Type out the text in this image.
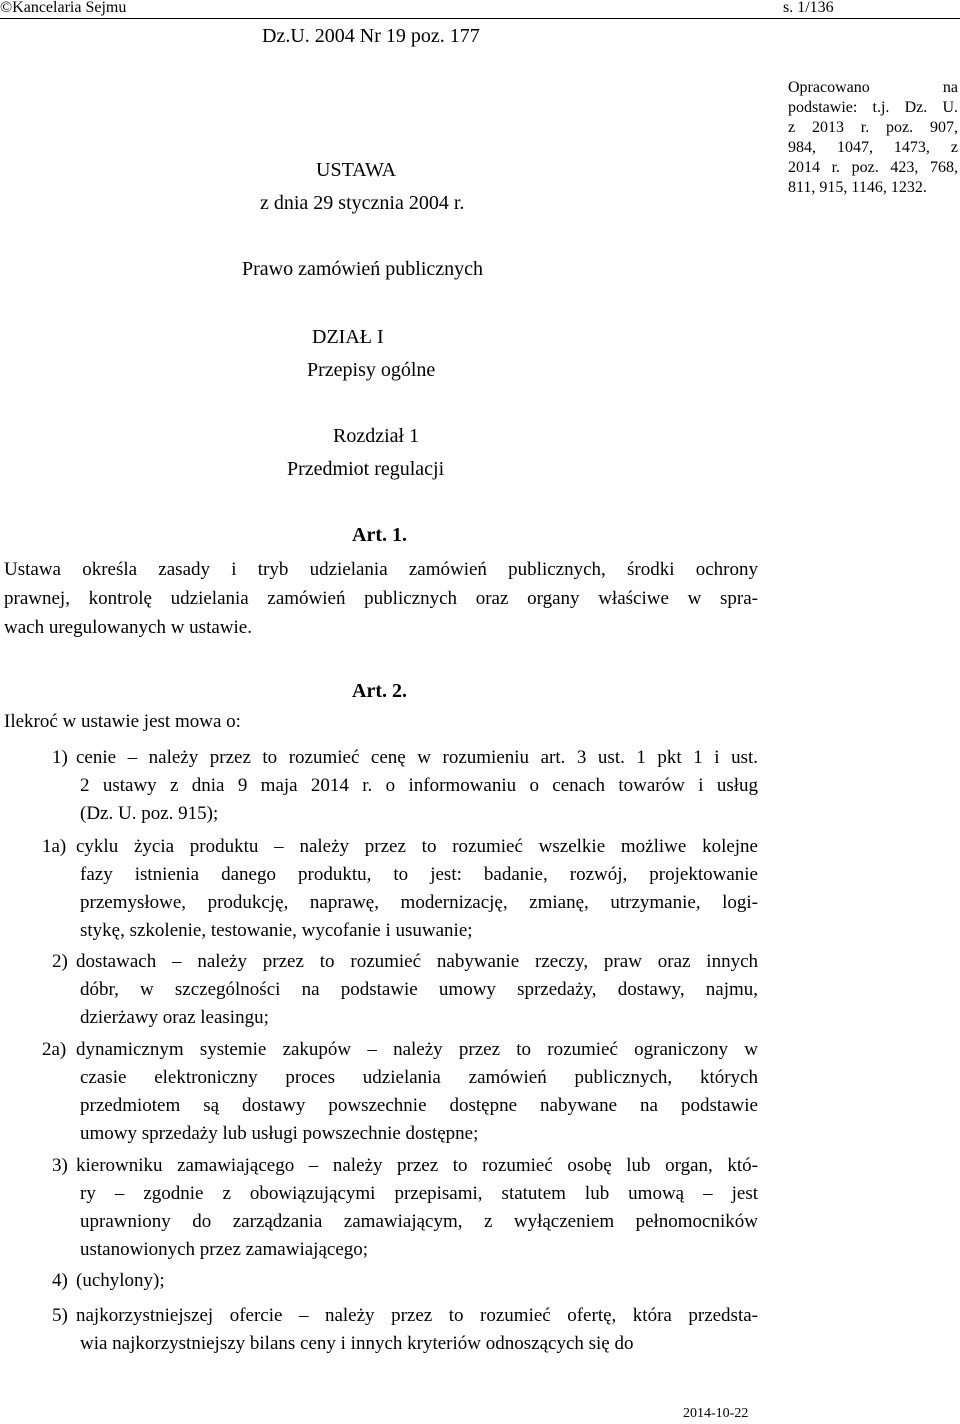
©Kancelaria Sejmu	s. 1/136
Dz.U. 2004 Nr 19 poz. 177
USTAWA
z dnia 29 stycznia 2004 r.
Opracowano na
podstawie: t.j. Dz. U.
z 2013 r. poz. 907,
984, 1047, 1473, z
2014 r. poz. 423, 768,
811, 915, 1146, 1232.
Prawo zamówień publicznych
DZIAŁ I
Przepisy ogólne
Rozdział 1
Przedmiot regulacji
Art. 1.
Ustawa określa zasady i tryb udzielania zamówień publicznych, środki ochrony
prawnej, kontrolę udzielania zamówień publicznych oraz organy właściwe w spra-
wach uregulowanych w ustawie.
Art. 2.
Ilekroć w ustawie jest mowa o:
1) cenie – należy przez to rozumieć cenę w rozumieniu art. 3 ust. 1 pkt 1 i ust.
2 ustawy z dnia 9 maja 2014 r. o informowaniu o cenach towarów i usług
(Dz. U. poz. 915);
1a) cyklu życia produktu – należy przez to rozumieć wszelkie możliwe kolejne
fazy istnienia danego produktu, to jest: badanie, rozwój, projektowanie
przemysłowe, produkcję, naprawę, modernizację, zmianę, utrzymanie, logi-
stykę, szkolenie, testowanie, wycofanie i usuwanie;
2) dostawach – należy przez to rozumieć nabywanie rzeczy, praw oraz innych
dóbr, w szczególności na podstawie umowy sprzedaży, dostawy, najmu,
dzierżawy oraz leasingu;
2a) dynamicznym systemie zakupów – należy przez to rozumieć ograniczony w
czasie elektroniczny proces udzielania zamówień publicznych, których
przedmiotem są dostawy powszechnie dostępne nabywane na podstawie
umowy sprzedaży lub usługi powszechnie dostępne;
3) kierowniku zamawiającego – należy przez to rozumieć osobę lub organ, któ-
ry – zgodnie z obowiązującymi przepisami, statutem lub umową – jest
uprawniony do zarządzania zamawiającym, z wyłączeniem pełnomocników
ustanowionych przez zamawiającego;
4) (uchylony);
5) najkorzystniejszej ofercie – należy przez to rozumieć ofertę, która przedsta-
wia najkorzystniejszy bilans ceny i innych kryteriów odnoszących się do
2014-10-22
